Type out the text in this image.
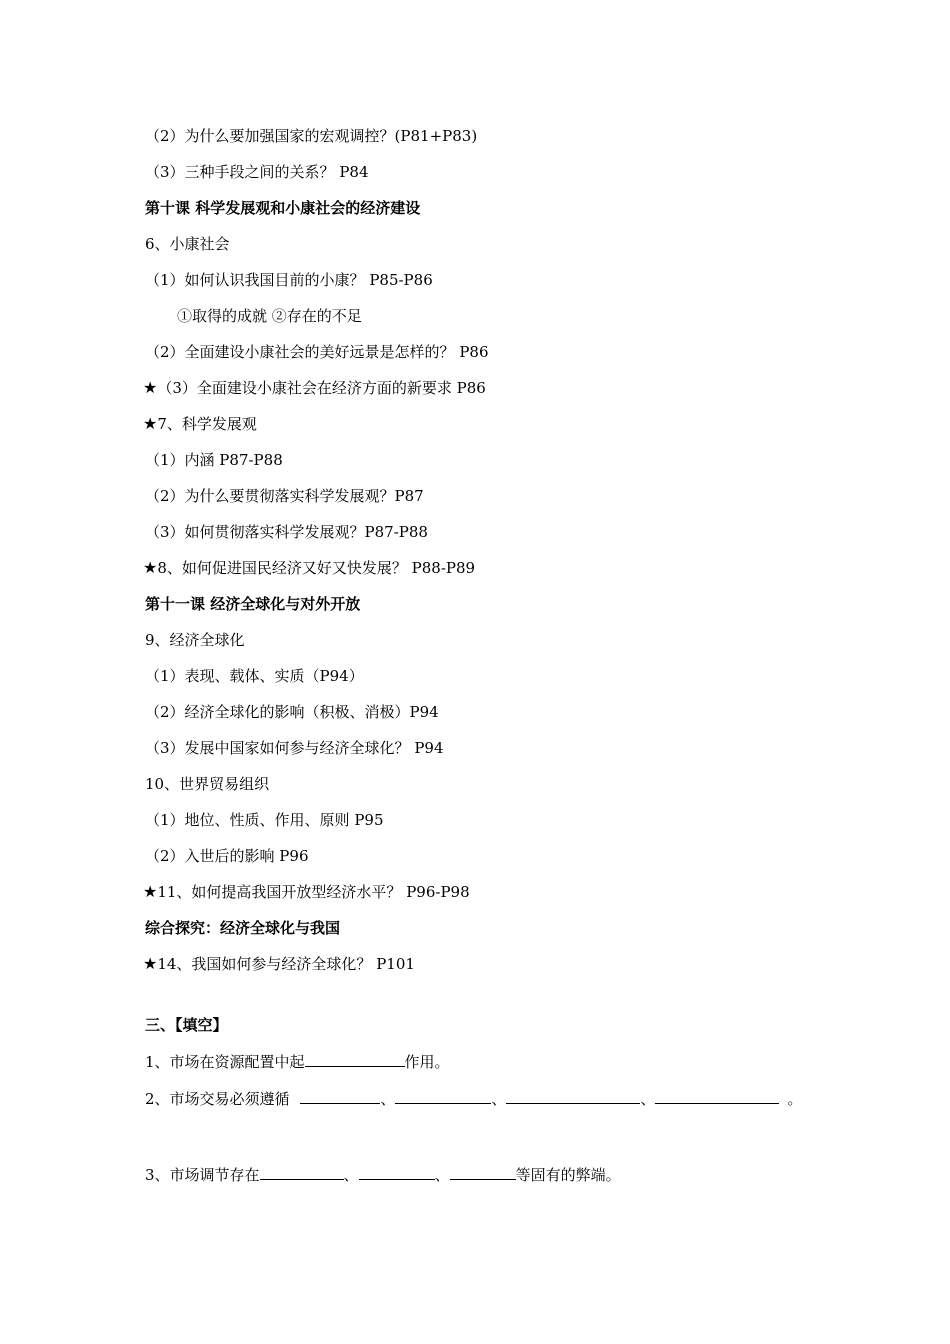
（2）为什么要加强国家的宏观调控？(P81+P83)
（3）三种手段之间的关系？ P84
第十课 科学发展观和小康社会的经济建设
6、小康社会
（1）如何认识我国目前的小康？ P85-P86
①取得的成就 ②存在的不足
（2）全面建设小康社会的美好远景是怎样的？ P86
★（3）全面建设小康社会在经济方面的新要求 P86
★7、科学发展观
（1）内涵 P87-P88
（2）为什么要贯彻落实科学发展观？P87
（3）如何贯彻落实科学发展观？P87-P88
★8、如何促进国民经济又好又快发展？ P88-P89
第十一课 经济全球化与对外开放
9、经济全球化
（1）表现、载体、实质（P94）
（2）经济全球化的影响（积极、消极）P94
（3）发展中国家如何参与经济全球化？ P94
10、世界贸易组织
（1）地位、性质、作用、原则 P95
（2）入世后的影响 P96
★11、如何提高我国开放型经济水平？ P96-P98
综合探究：经济全球化与我国
★14、我国如何参与经济全球化？ P101
三、【填空】
1、市场在资源配置中起	作用。
2、市场交易必须遵循	、	、	、	。
3、市场调节存在	、	、	等固有的弊端。
